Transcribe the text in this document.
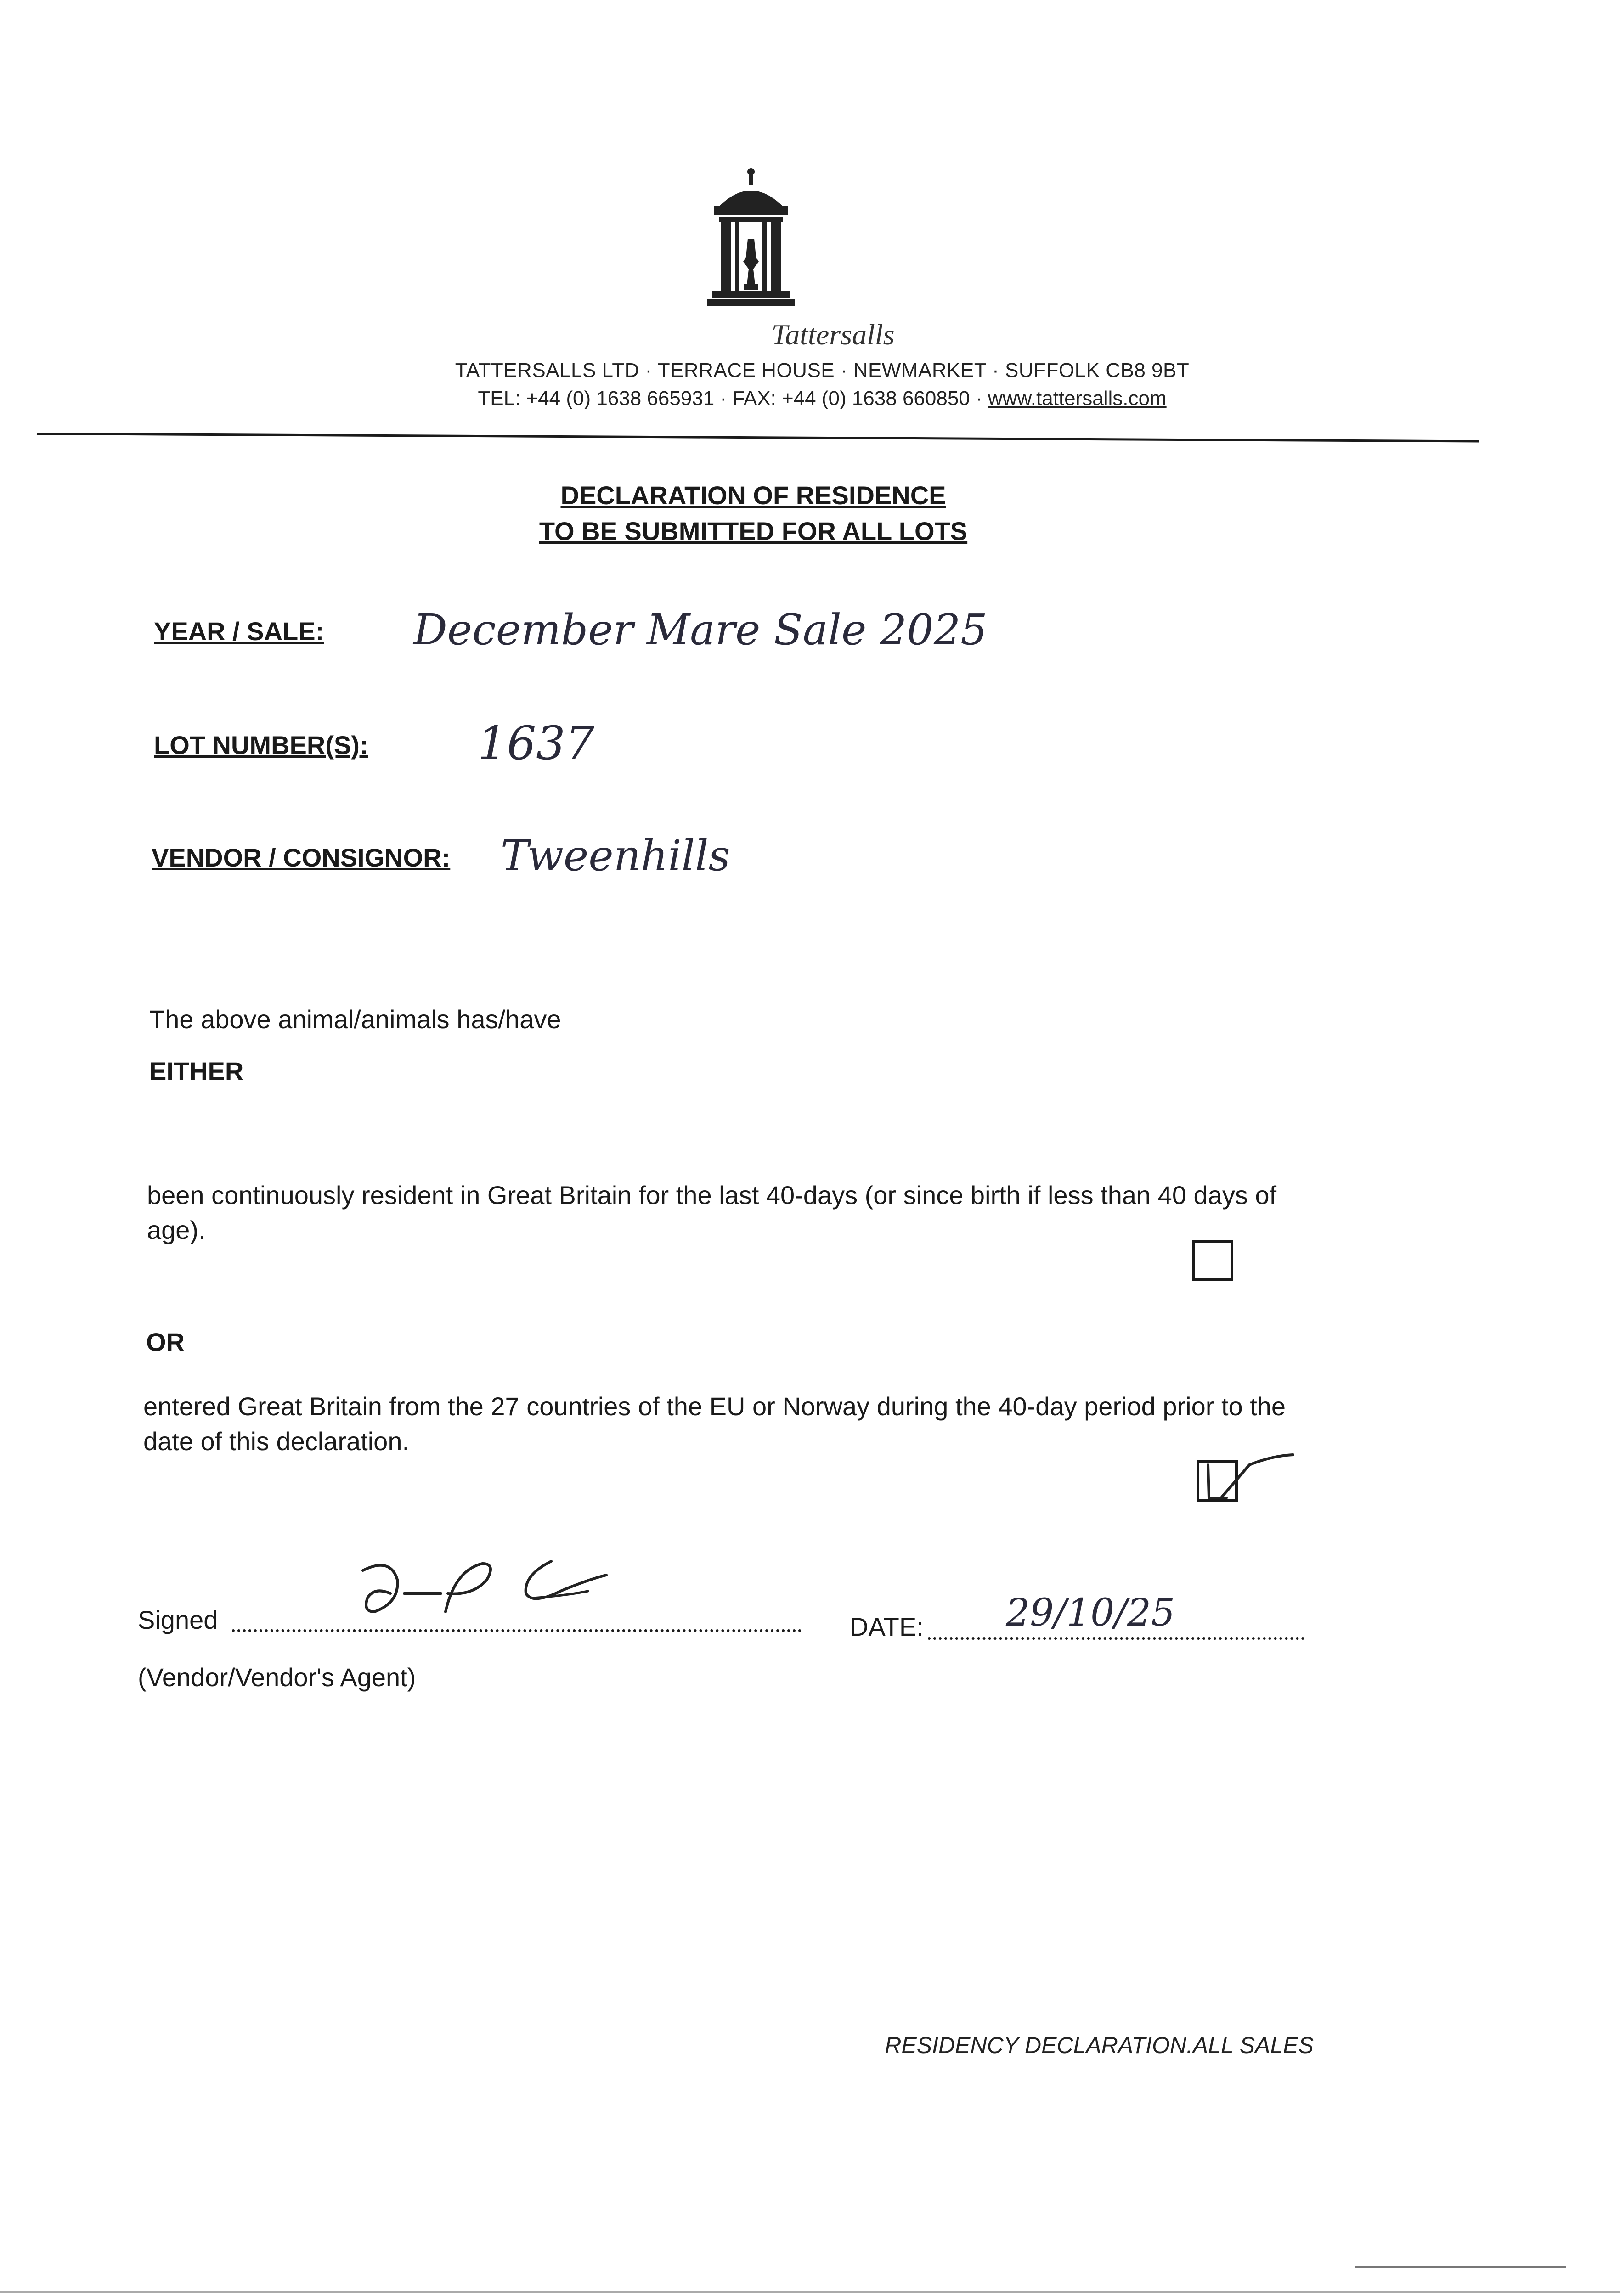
Tattersalls
TATTERSALLS LTD · TERRACE HOUSE · NEWMARKET · SUFFOLK CB8 9BT
TEL: +44 (0) 1638 665931 · FAX: +44 (0) 1638 660850 · www.tattersalls.com
DECLARATION OF RESIDENCE
TO BE SUBMITTED FOR ALL LOTS
YEAR / SALE: December Mare Sale 2025
LOT NUMBER(S): 1637
VENDOR / CONSIGNOR: Tweenhills
The above animal/animals has/have
EITHER
been continuously resident in Great Britain for the last 40-days (or since birth if less than 40 days of age).
OR
entered Great Britain from the 27 countries of the EU or Norway during the 40-day period prior to the date of this declaration.
Signed	DATE: 29/10/25
(Vendor/Vendor's Agent)
RESIDENCY DECLARATION.ALL SALES
